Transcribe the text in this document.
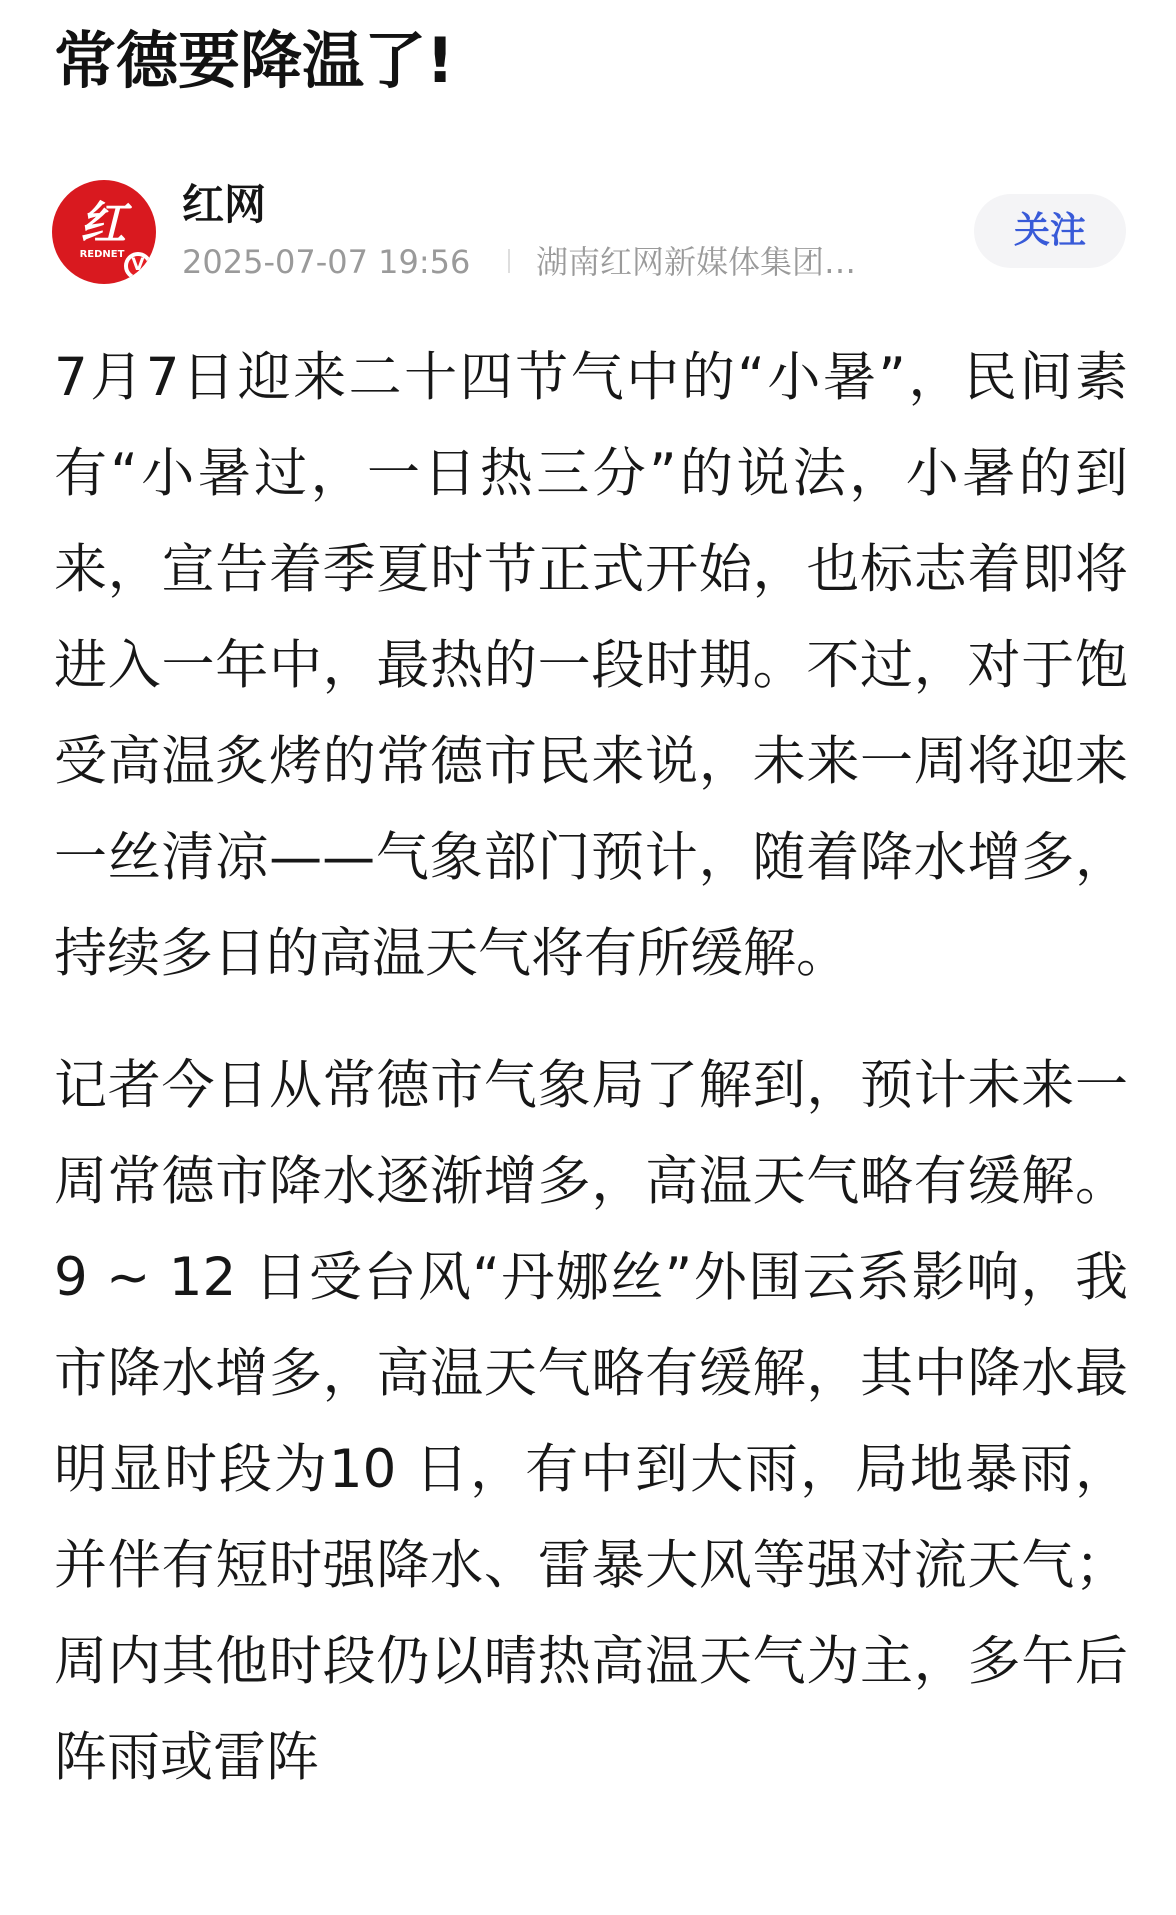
常德要降温了!
红
REDNET
V
红网
2025-07-07 19:56 湖南红网新媒体集团…
关注

7月7日迎来二十四节气中的“小暑”，民间素有“小暑过，一日热三分”的说法，小暑的到来，宣告着季夏时节正式开始，也标志着即将进入一年中，最热的一段时期。不过，对于饱受高温炙烤的常德市民来说，未来一周将迎来一丝清凉——气象部门预计，随着降水增多，持续多日的高温天气将有所缓解。

记者今日从常德市气象局了解到，预计未来一周常德市降水逐渐增多，高温天气略有缓解。9 ~ 12 日受台风“丹娜丝”外围云系影响，我市降水增多，高温天气略有缓解，其中降水最明显时段为10 日，有中到大雨，局地暴雨，并伴有短时强降水、雷暴大风等强对流天气；周内其他时段仍以晴热高温天气为主，多午后阵雨或雷阵
